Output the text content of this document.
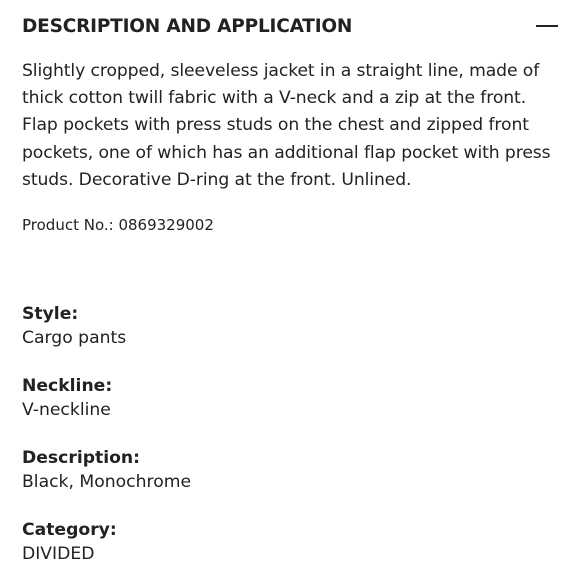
DESCRIPTION AND APPLICATION
Slightly cropped, sleeveless jacket in a straight line, made of thick cotton twill fabric with a V-neck and a zip at the front. Flap pockets with press studs on the chest and zipped front pockets, one of which has an additional flap pocket with press studs. Decorative D-ring at the front. Unlined.
Product No.: 0869329002
Style:
Cargo pants
Neckline:
V-neckline
Description:
Black, Monochrome
Category:
DIVIDED
